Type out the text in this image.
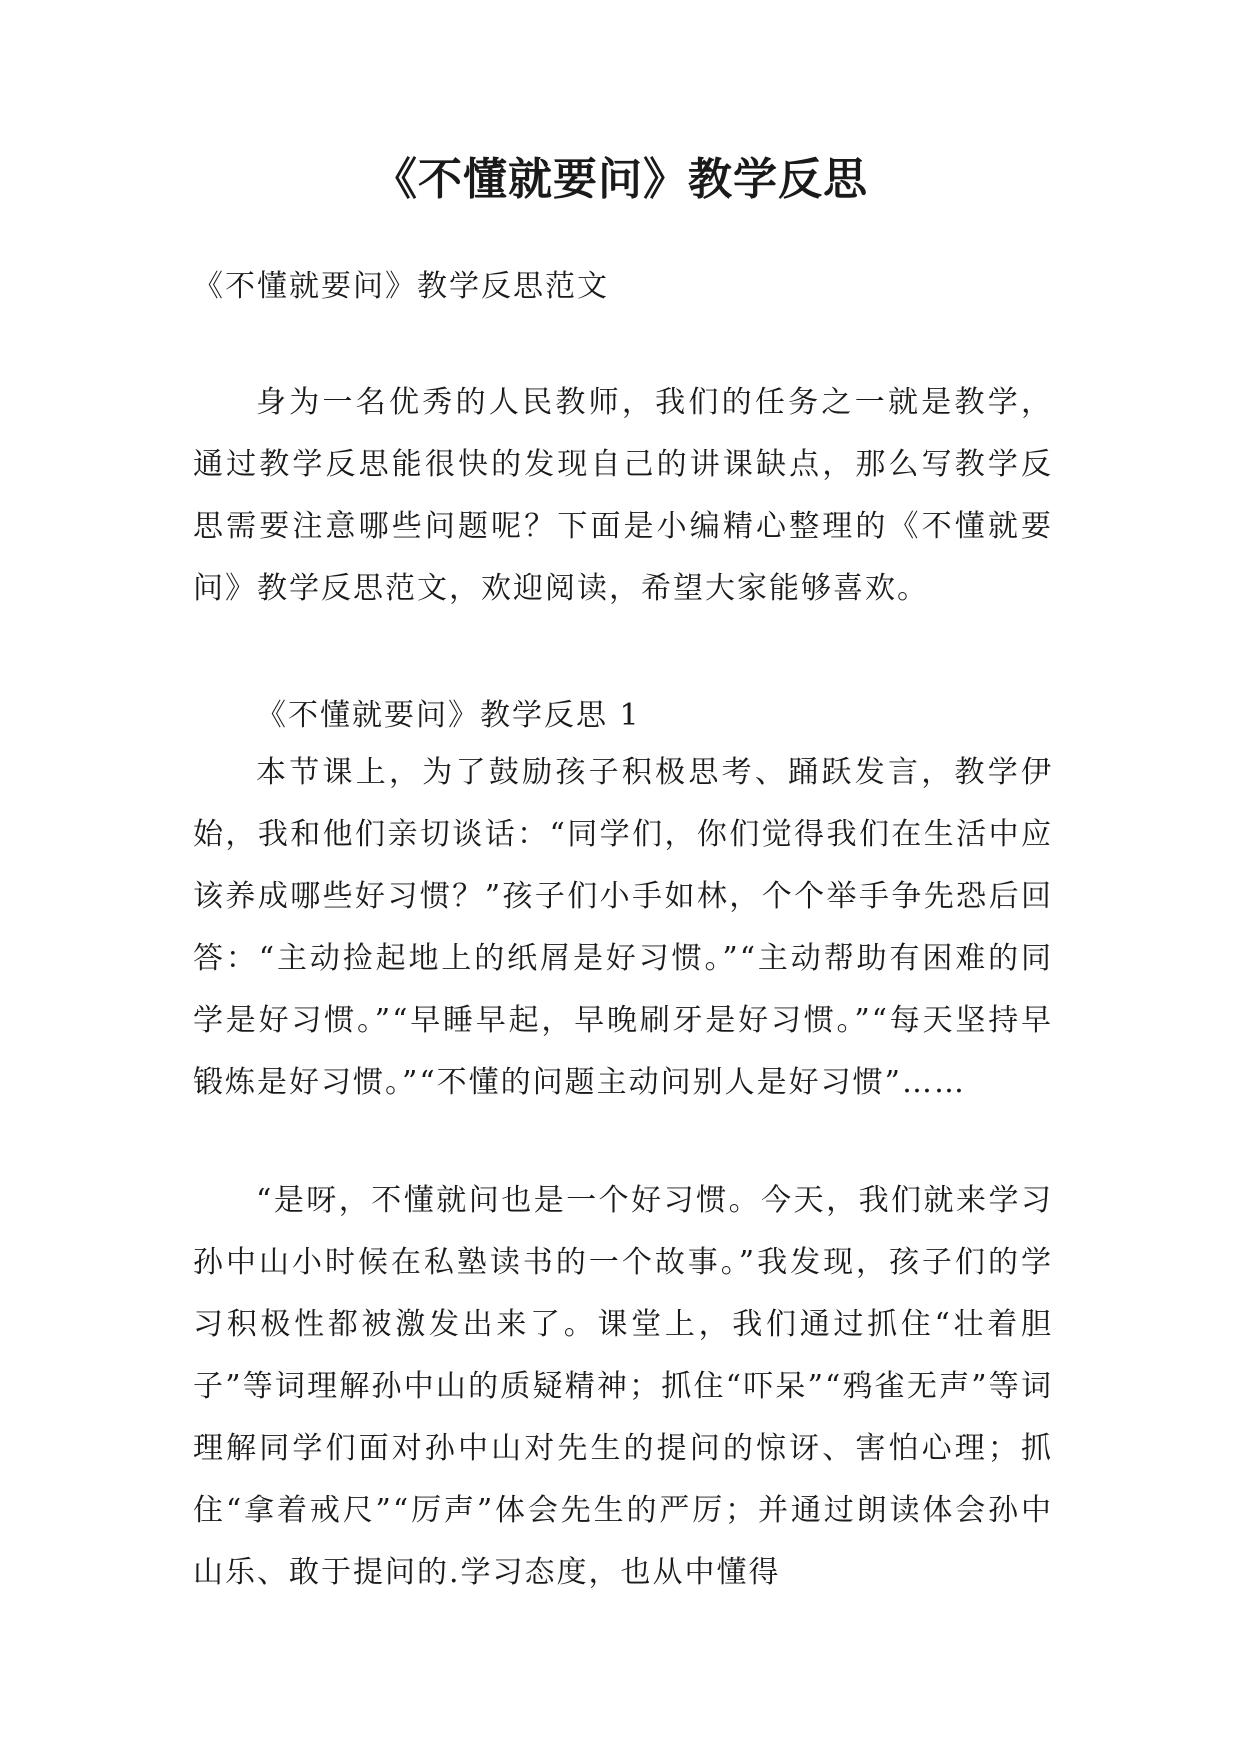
《不懂就要问》教学反思

《不懂就要问》教学反思范文

身为一名优秀的人民教师，我们的任务之一就是教学，通过教学反思能很快的发现自己的讲课缺点，那么写教学反思需要注意哪些问题呢？下面是小编精心整理的《不懂就要问》教学反思范文，欢迎阅读，希望大家能够喜欢。

《不懂就要问》教学反思 1

本节课上，为了鼓励孩子积极思考、踊跃发言，教学伊始，我和他们亲切谈话：“同学们，你们觉得我们在生活中应该养成哪些好习惯？”孩子们小手如林，个个举手争先恐后回答：“主动捡起地上的纸屑是好习惯。”“主动帮助有困难的同学是好习惯。”“早睡早起，早晚刷牙是好习惯。”“每天坚持早锻炼是好习惯。”“不懂的问题主动问别人是好习惯”……

“是呀，不懂就问也是一个好习惯。今天，我们就来学习孙中山小时候在私塾读书的一个故事。”我发现，孩子们的学习积极性都被激发出来了。课堂上，我们通过抓住“壮着胆子”等词理解孙中山的质疑精神；抓住“吓呆”“鸦雀无声”等词理解同学们面对孙中山对先生的提问的惊讶、害怕心理；抓住“拿着戒尺”“厉声”体会先生的严厉；并通过朗读体会孙中山乐、敢于提问的.学习态度，也从中懂得
